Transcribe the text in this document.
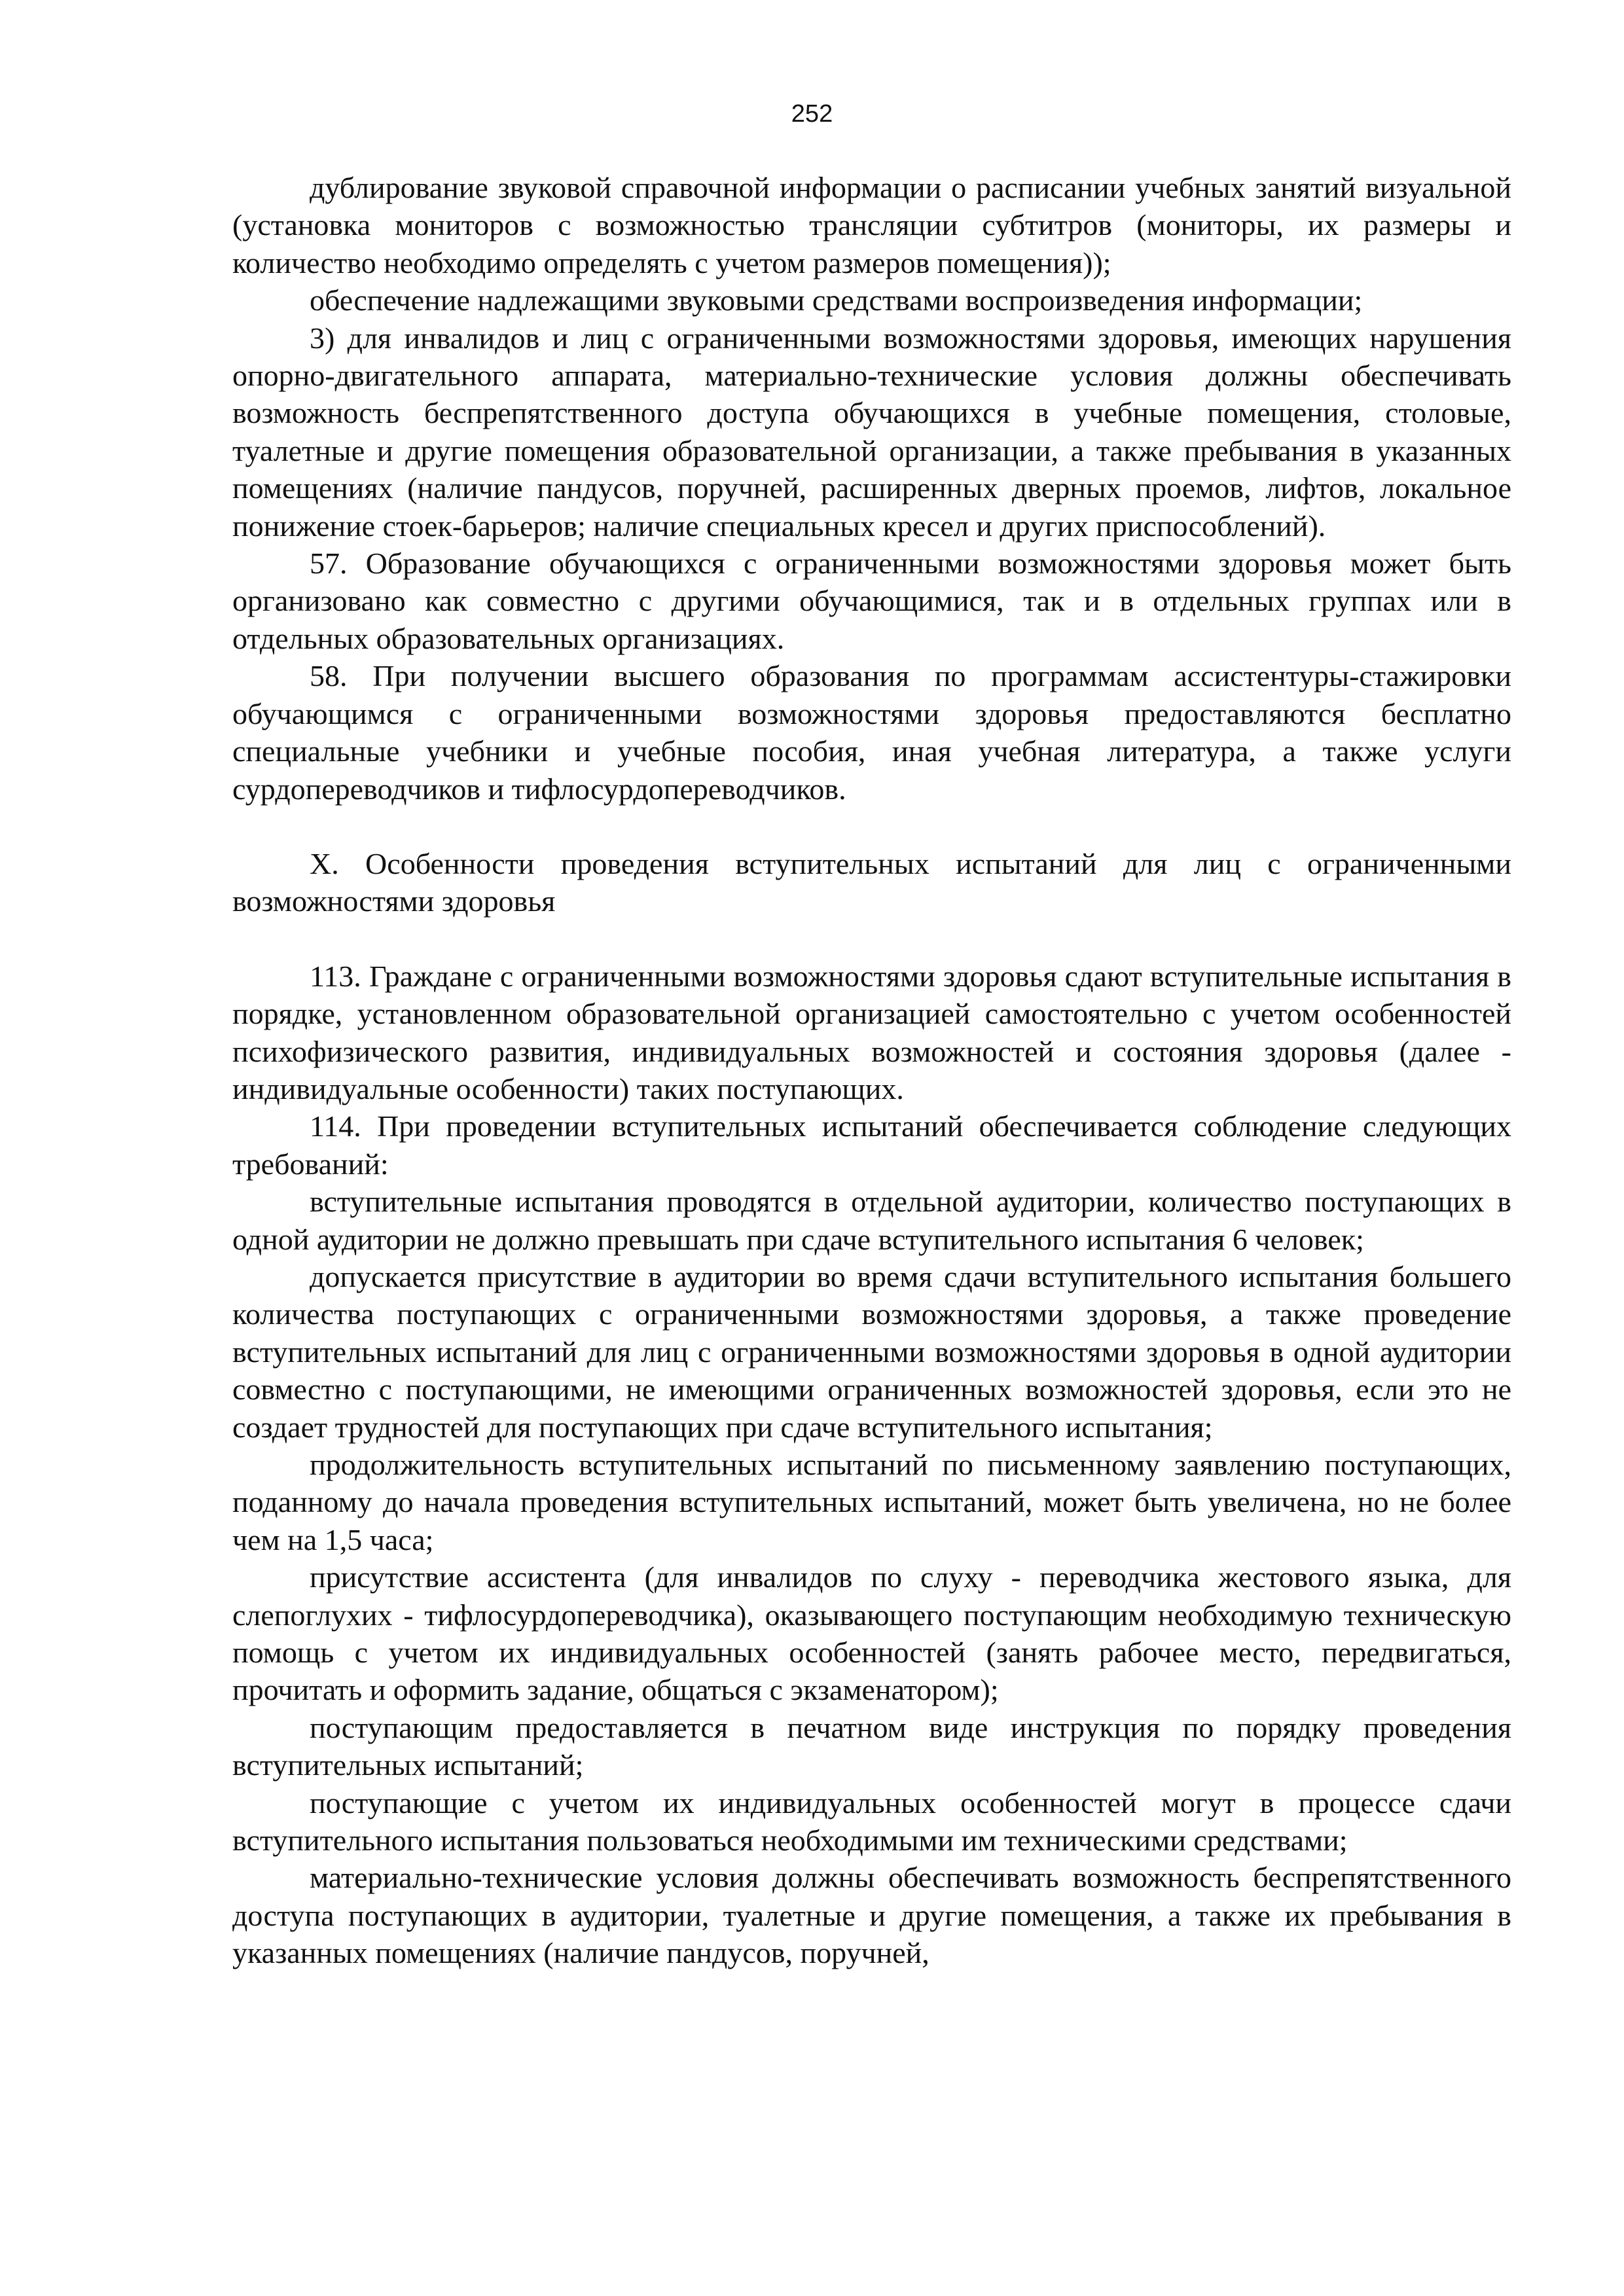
252

дублирование звуковой справочной информации о расписании учебных занятий визуальной (установка мониторов с возможностью трансляции субтитров (мониторы, их размеры и количество необходимо определять с учетом размеров помещения));

обеспечение надлежащими звуковыми средствами воспроизведения информации;

3) для инвалидов и лиц с ограниченными возможностями здоровья, имеющих нарушения опорно-двигательного аппарата, материально-технические условия должны обеспечивать возможность беспрепятственного доступа обучающихся в учебные помещения, столовые, туалетные и другие помещения образовательной организации, а также пребывания в указанных помещениях (наличие пандусов, поручней, расширенных дверных проемов, лифтов, локальное понижение стоек-барьеров; наличие специальных кресел и других приспособлений).

57. Образование обучающихся с ограниченными возможностями здоровья может быть организовано как совместно с другими обучающимися, так и в отдельных группах или в отдельных образовательных организациях.

58. При получении высшего образования по программам ассистентуры-стажировки обучающимся с ограниченными возможностями здоровья предоставляются бесплатно специальные учебники и учебные пособия, иная учебная литература, а также услуги сурдопереводчиков и тифлосурдопереводчиков.

X. Особенности проведения вступительных испытаний для лиц с ограниченными возможностями здоровья

113. Граждане с ограниченными возможностями здоровья сдают вступительные испытания в порядке, установленном образовательной организацией самостоятельно с учетом особенностей психофизического развития, индивидуальных возможностей и состояния здоровья (далее - индивидуальные особенности) таких поступающих.

114. При проведении вступительных испытаний обеспечивается соблюдение следующих требований:

вступительные испытания проводятся в отдельной аудитории, количество поступающих в одной аудитории не должно превышать при сдаче вступительного испытания 6 человек;

допускается присутствие в аудитории во время сдачи вступительного испытания большего количества поступающих с ограниченными возможностями здоровья, а также проведение вступительных испытаний для лиц с ограниченными возможностями здоровья в одной аудитории совместно с поступающими, не имеющими ограниченных возможностей здоровья, если это не создает трудностей для поступающих при сдаче вступительного испытания;

продолжительность вступительных испытаний по письменному заявлению поступающих, поданному до начала проведения вступительных испытаний, может быть увеличена, но не более чем на 1,5 часа;

присутствие ассистента (для инвалидов по слуху - переводчика жестового языка, для слепоглухих - тифлосурдопереводчика), оказывающего поступающим необходимую техническую помощь с учетом их индивидуальных особенностей (занять рабочее место, передвигаться, прочитать и оформить задание, общаться с экзаменатором);

поступающим предоставляется в печатном виде инструкция по порядку проведения вступительных испытаний;

поступающие с учетом их индивидуальных особенностей могут в процессе сдачи вступительного испытания пользоваться необходимыми им техническими средствами;

материально-технические условия должны обеспечивать возможность беспрепятственного доступа поступающих в аудитории, туалетные и другие помещения, а также их пребывания в указанных помещениях (наличие пандусов, поручней,
